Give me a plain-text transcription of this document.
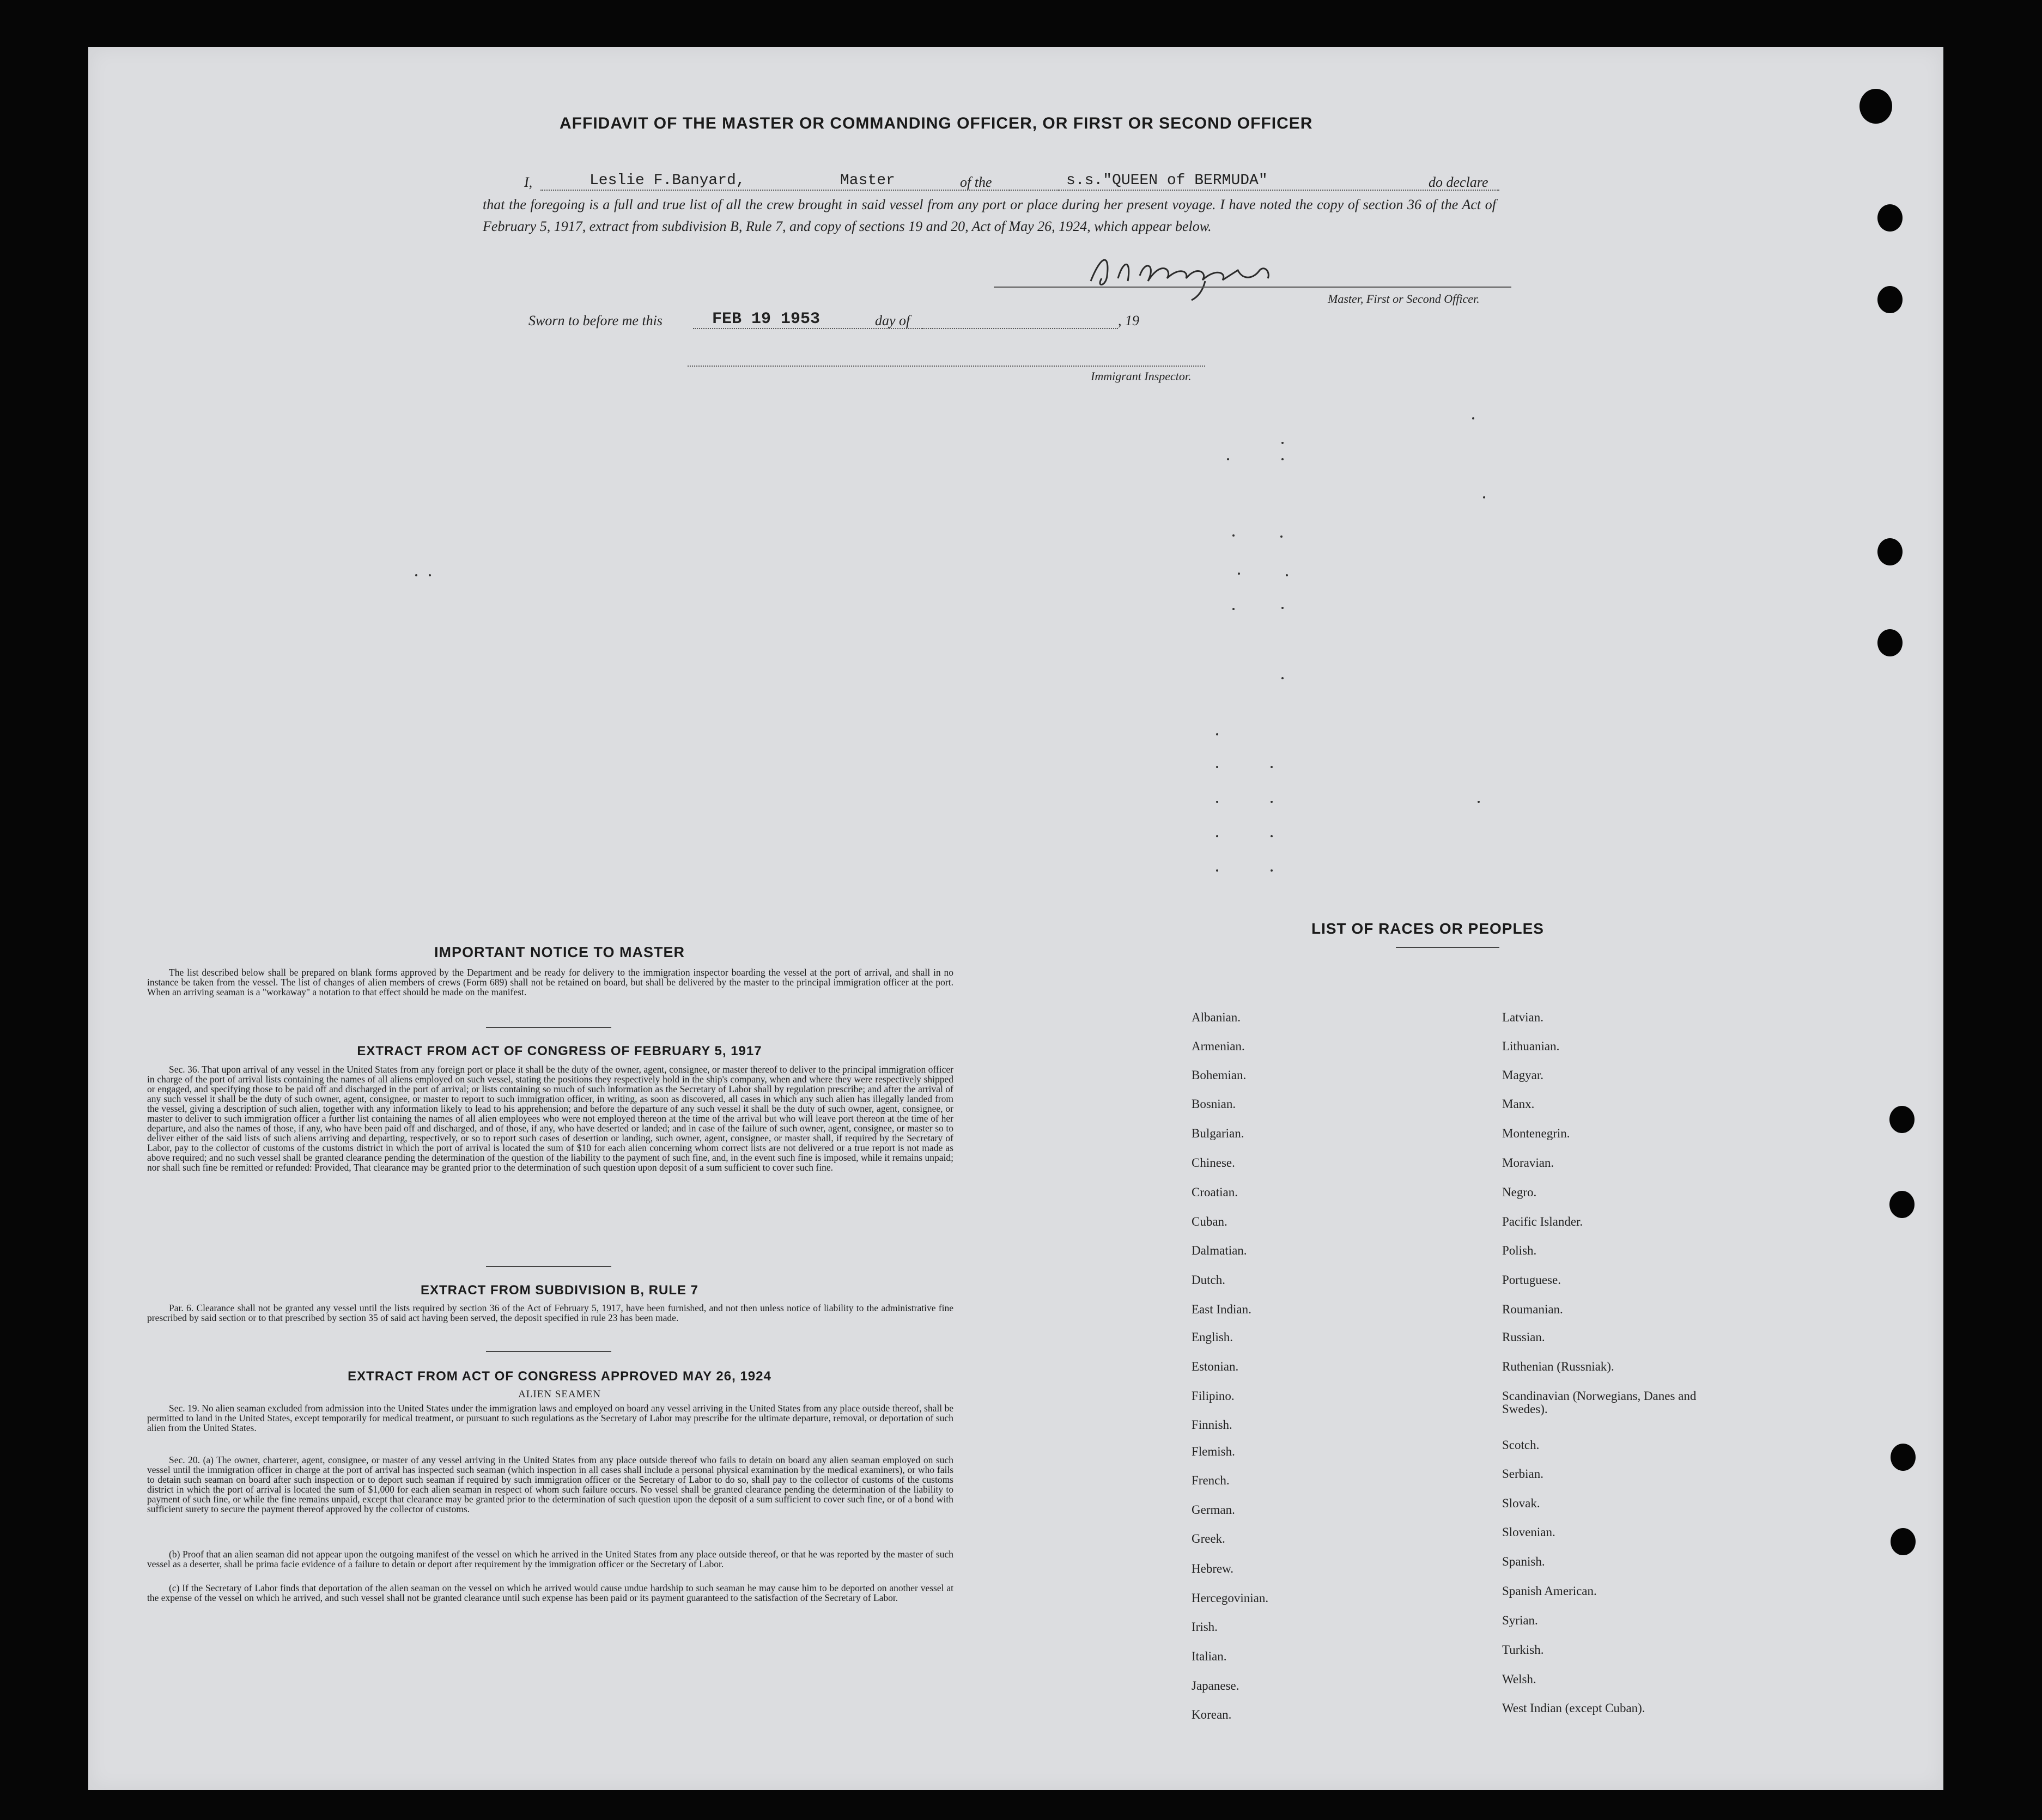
AFFIDAVIT OF THE MASTER OR COMMANDING OFFICER, OR FIRST OR SECOND OFFICER
I,	Leslie F.Banyard,	Master	of the	s.s."QUEEN of BERMUDA"	do declare
that the foregoing is a full and true list of all the crew brought in said vessel from any port or place during her present voyage. I have noted the copy of section 36 of the Act of February 5, 1917, extract from subdivision B, Rule 7, and copy of sections 19 and 20, Act of May 26, 1924, which appear below.
Master, First or Second Officer.
Sworn to before me this	FEB 19 1953	day of	, 19
Immigrant Inspector.
IMPORTANT NOTICE TO MASTER
The list described below shall be prepared on blank forms approved by the Department and be ready for delivery to the immigration inspector boarding the vessel at the port of arrival, and shall in no instance be taken from the vessel. The list of changes of alien members of crews (Form 689) shall not be retained on board, but shall be delivered by the master to the principal immigration officer at the port. When an arriving seaman is a "workaway" a notation to that effect should be made on the manifest.
EXTRACT FROM ACT OF CONGRESS OF FEBRUARY 5, 1917
Sec. 36. That upon arrival of any vessel in the United States from any foreign port or place it shall be the duty of the owner, agent, consignee, or master thereof to deliver to the principal immigration officer in charge of the port of arrival lists containing the names of all aliens employed on such vessel, stating the positions they respectively hold in the ship's company, when and where they were respectively shipped or engaged, and specifying those to be paid off and discharged in the port of arrival; or lists containing so much of such information as the Secretary of Labor shall by regulation prescribe; and after the arrival of any such vessel it shall be the duty of such owner, agent, consignee, or master to report to such immigration officer, in writing, as soon as discovered, all cases in which any such alien has illegally landed from the vessel, giving a description of such alien, together with any information likely to lead to his apprehension; and before the departure of any such vessel it shall be the duty of such owner, agent, consignee, or master to deliver to such immigration officer a further list containing the names of all alien employees who were not employed thereon at the time of the arrival but who will leave port thereon at the time of her departure, and also the names of those, if any, who have been paid off and discharged, and of those, if any, who have deserted or landed; and in case of the failure of such owner, agent, consignee, or master so to deliver either of the said lists of such aliens arriving and departing, respectively, or so to report such cases of desertion or landing, such owner, agent, consignee, or master shall, if required by the Secretary of Labor, pay to the collector of customs of the customs district in which the port of arrival is located the sum of $10 for each alien concerning whom correct lists are not delivered or a true report is not made as above required; and no such vessel shall be granted clearance pending the determination of the question of the liability to the payment of such fine, and, in the event such fine is imposed, while it remains unpaid; nor shall such fine be remitted or refunded: Provided, That clearance may be granted prior to the determination of such question upon deposit of a sum sufficient to cover such fine.
EXTRACT FROM SUBDIVISION B, RULE 7
Par. 6. Clearance shall not be granted any vessel until the lists required by section 36 of the Act of February 5, 1917, have been furnished, and not then unless notice of liability to the administrative fine prescribed by said section or to that prescribed by section 35 of said act having been served, the deposit specified in rule 23 has been made.
EXTRACT FROM ACT OF CONGRESS APPROVED MAY 26, 1924
ALIEN SEAMEN
Sec. 19. No alien seaman excluded from admission into the United States under the immigration laws and employed on board any vessel arriving in the United States from any place outside thereof, shall be permitted to land in the United States, except temporarily for medical treatment, or pursuant to such regulations as the Secretary of Labor may prescribe for the ultimate departure, removal, or deportation of such alien from the United States.
Sec. 20. (a) The owner, charterer, agent, consignee, or master of any vessel arriving in the United States from any place outside thereof who fails to detain on board any alien seaman employed on such vessel until the immigration officer in charge at the port of arrival has inspected such seaman (which inspection in all cases shall include a personal physical examination by the medical examiners), or who fails to detain such seaman on board after such inspection or to deport such seaman if required by such immigration officer or the Secretary of Labor to do so, shall pay to the collector of customs of the customs district in which the port of arrival is located the sum of $1,000 for each alien seaman in respect of whom such failure occurs. No vessel shall be granted clearance pending the determination of the liability to payment of such fine, or while the fine remains unpaid, except that clearance may be granted prior to the determination of such question upon the deposit of a sum sufficient to cover such fine, or of a bond with sufficient surety to secure the payment thereof approved by the collector of customs.
(b) Proof that an alien seaman did not appear upon the outgoing manifest of the vessel on which he arrived in the United States from any place outside thereof, or that he was reported by the master of such vessel as a deserter, shall be prima facie evidence of a failure to detain or deport after requirement by the immigration officer or the Secretary of Labor.
(c) If the Secretary of Labor finds that deportation of the alien seaman on the vessel on which he arrived would cause undue hardship to such seaman he may cause him to be deported on another vessel at the expense of the vessel on which he arrived, and such vessel shall not be granted clearance until such expense has been paid or its payment guaranteed to the satisfaction of the Secretary of Labor.
LIST OF RACES OR PEOPLES
Albanian.
Armenian.
Bohemian.
Bosnian.
Bulgarian.
Chinese.
Croatian.
Cuban.
Dalmatian.
Dutch.
East Indian.
English.
Estonian.
Filipino.
Finnish.
Flemish.
French.
German.
Greek.
Hebrew.
Hercegovinian.
Irish.
Italian.
Japanese.
Korean.
Latvian.
Lithuanian.
Magyar.
Manx.
Montenegrin.
Moravian.
Negro.
Pacific Islander.
Polish.
Portuguese.
Roumanian.
Russian.
Ruthenian (Russniak).
Scandinavian (Norwegians, Danes and Swedes).
Scotch.
Serbian.
Slovak.
Slovenian.
Spanish.
Spanish American.
Syrian.
Turkish.
Welsh.
West Indian (except Cuban).
